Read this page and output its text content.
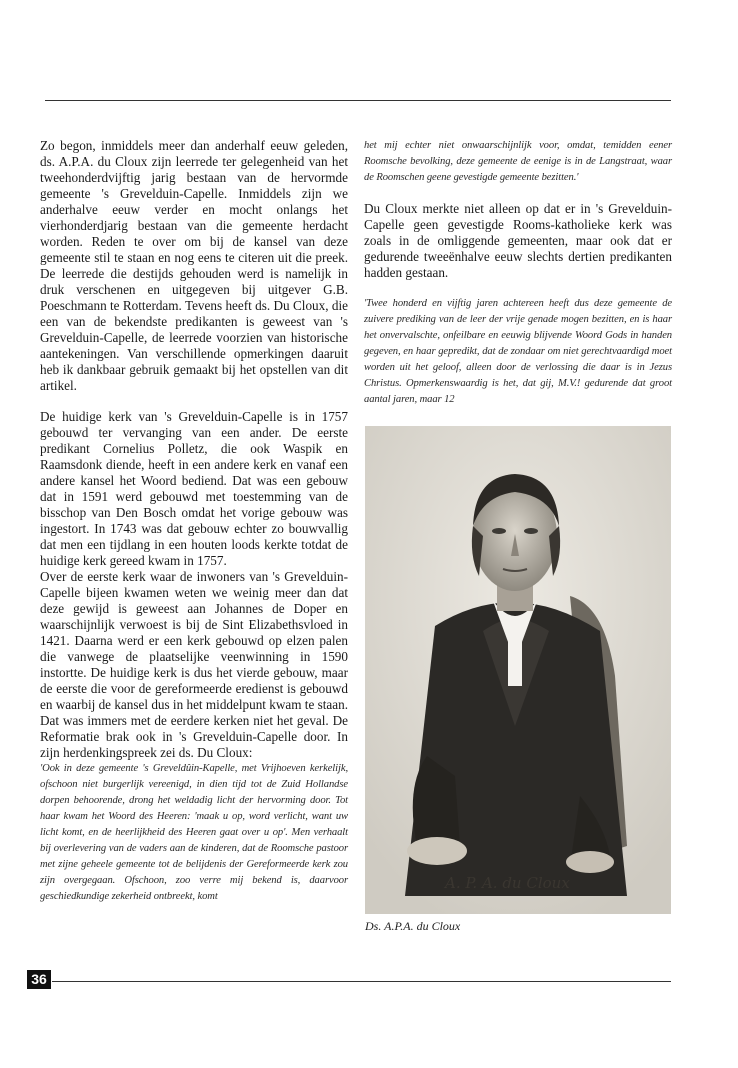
Zo begon, inmiddels meer dan anderhalf eeuw geleden, ds. A.P.A. du Cloux zijn leerrede ter gelegenheid van het tweehonderdvijftig jarig bestaan van de hervormde gemeente 's Grevelduin-Capelle. Inmiddels zijn we anderhalve eeuw verder en mocht onlangs het vierhonderdjarig bestaan van die gemeente herdacht worden. Reden te over om bij de kansel van deze gemeente stil te staan en nog eens te citeren uit die preek. De leerrede die destijds gehouden werd is namelijk in druk verschenen en uitgegeven bij uitgever G.B. Poeschmann te Rotterdam. Tevens heeft ds. Du Cloux, die een van de bekendste predikanten is geweest van 's Grevelduin-Capelle, de leerrede voorzien van historische aantekeningen. Van verschillende opmerkingen daaruit heb ik dankbaar gebruik gemaakt bij het opstellen van dit artikel.

De huidige kerk van 's Grevelduin-Capelle is in 1757 gebouwd ter vervanging van een ander. De eerste predikant Cornelius Polletz, die ook Waspik en Raamsdonk diende, heeft in een andere kerk en vanaf een andere kansel het Woord bediend. Dat was een gebouw dat in 1591 werd gebouwd met toestemming van de bisschop van Den Bosch omdat het vorige gebouw was ingestort. In 1743 was dat gebouw echter zo bouwvallig dat men een tijdlang in een houten loods kerkte totdat de huidige kerk gereed kwam in 1757.

Over de eerste kerk waar de inwoners van 's Grevelduin-Capelle bijeen kwamen weten we weinig meer dan dat deze gewijd is geweest aan Johannes de Doper en waarschijnlijk verwoest is bij de Sint Elizabethsvloed in 1421. Daarna werd er een kerk gebouwd op elzen palen die vanwege de plaatselijke veenwinning in 1590 instortte. De huidige kerk is dus het vierde gebouw, maar de eerste die voor de gereformeerde eredienst is gebouwd en waarbij de kansel dus in het middelpunt kwam te staan. Dat was immers met de eerdere kerken niet het geval. De Reformatie brak ook in 's Grevelduin-Capelle door. In zijn herdenkingspreek zei ds. Du Cloux:

'Ook in deze gemeente 's Greveldûin-Kapelle, met Vrijhoeven kerkelijk, ofschoon niet burgerlijk vereenigd, in dien tijd tot de Zuid Hollandse dorpen behoorende, drong het weldadig licht der hervorming door. Tot haar kwam het Woord des Heeren: 'maak u op, word verlicht, want uw licht komt, en de heerlijkheid des Heeren gaat over u op'. Men verhaalt bij overlevering van de vaders aan de kinderen, dat de Roomsche pastoor met zijne geheele gemeente tot de belijdenis der Gereformeerde kerk zou zijn overgegaan. Ofschoon, zoo verre mij bekend is, daarvoor geschiedkundige zekerheid ontbreekt, komt

het mij echter niet onwaarschijnlijk voor, omdat, temidden eener Roomsche bevolking, deze gemeente de eenige is in de Langstraat, waar de Roomschen geene gevestigde gemeente bezitten.'

Du Cloux merkte niet alleen op dat er in 's Grevelduin-Capelle geen gevestigde Rooms-katholieke kerk was zoals in de omliggende gemeenten, maar ook dat er gedurende tweeënhalve eeuw slechts dertien predikanten hadden gestaan.

'Twee honderd en vijftig jaren achtereen heeft dus deze gemeente de zuivere prediking van de leer der vrije genade mogen bezitten, en is haar het onvervalschte, onfeilbare en eeuwig blijvende Woord Gods in handen gegeven, en haar gepredikt, dat de zondaar om niet gerechtvaardigd moet worden uit het geloof, alleen door de verlossing die daar is in Jezus Christus. Opmerkenswaardig is het, dat gij, M.V.! gedurende dat groot aantal jaren, maar 12

A. P. A. du Cloux
Ds. A.P.A. du Cloux
36
